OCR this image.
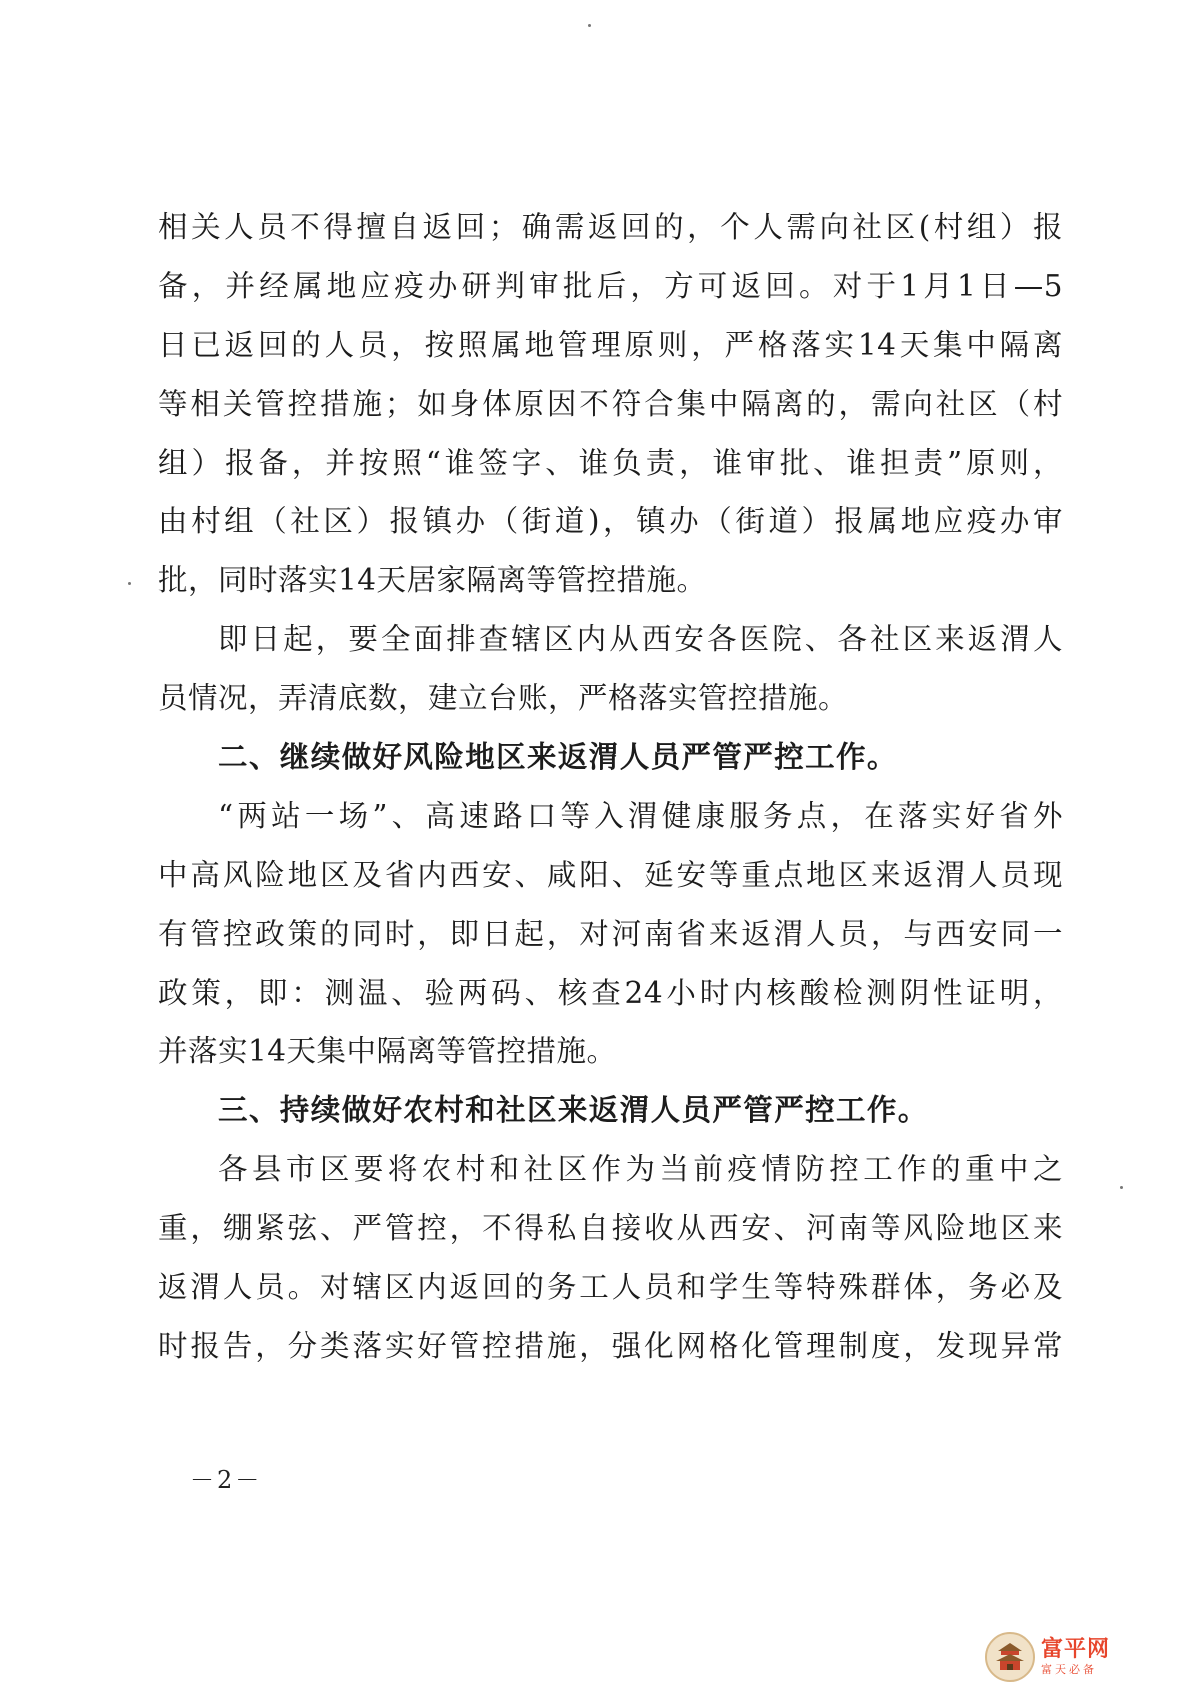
相关人员不得擅自返回；确需返回的，个人需向社区(村组）报
备，并经属地应疫办研判审批后，方可返回。对于1月1日—5
日已返回的人员，按照属地管理原则，严格落实14天集中隔离
等相关管控措施；如身体原因不符合集中隔离的，需向社区（村
组）报备，并按照“谁签字、谁负责，谁审批、谁担责”原则，
由村组（社区）报镇办（街道)，镇办（街道）报属地应疫办审
批，同时落实14天居家隔离等管控措施。
即日起，要全面排查辖区内从西安各医院、各社区来返渭人
员情况，弄清底数，建立台账，严格落实管控措施。
二、继续做好风险地区来返渭人员严管严控工作。
“两站一场”、高速路口等入渭健康服务点，在落实好省外
中高风险地区及省内西安、咸阳、延安等重点地区来返渭人员现
有管控政策的同时，即日起，对河南省来返渭人员，与西安同一
政策，即：测温、验两码、核查24小时内核酸检测阴性证明，
并落实14天集中隔离等管控措施。
三、持续做好农村和社区来返渭人员严管严控工作。
各县市区要将农村和社区作为当前疫情防控工作的重中之
重，绷紧弦、严管控，不得私自接收从西安、河南等风险地区来
返渭人员。对辖区内返回的务工人员和学生等特殊群体，务必及
时报告，分类落实好管控措施，强化网格化管理制度，发现异常
－2－
富平网
富天必备
